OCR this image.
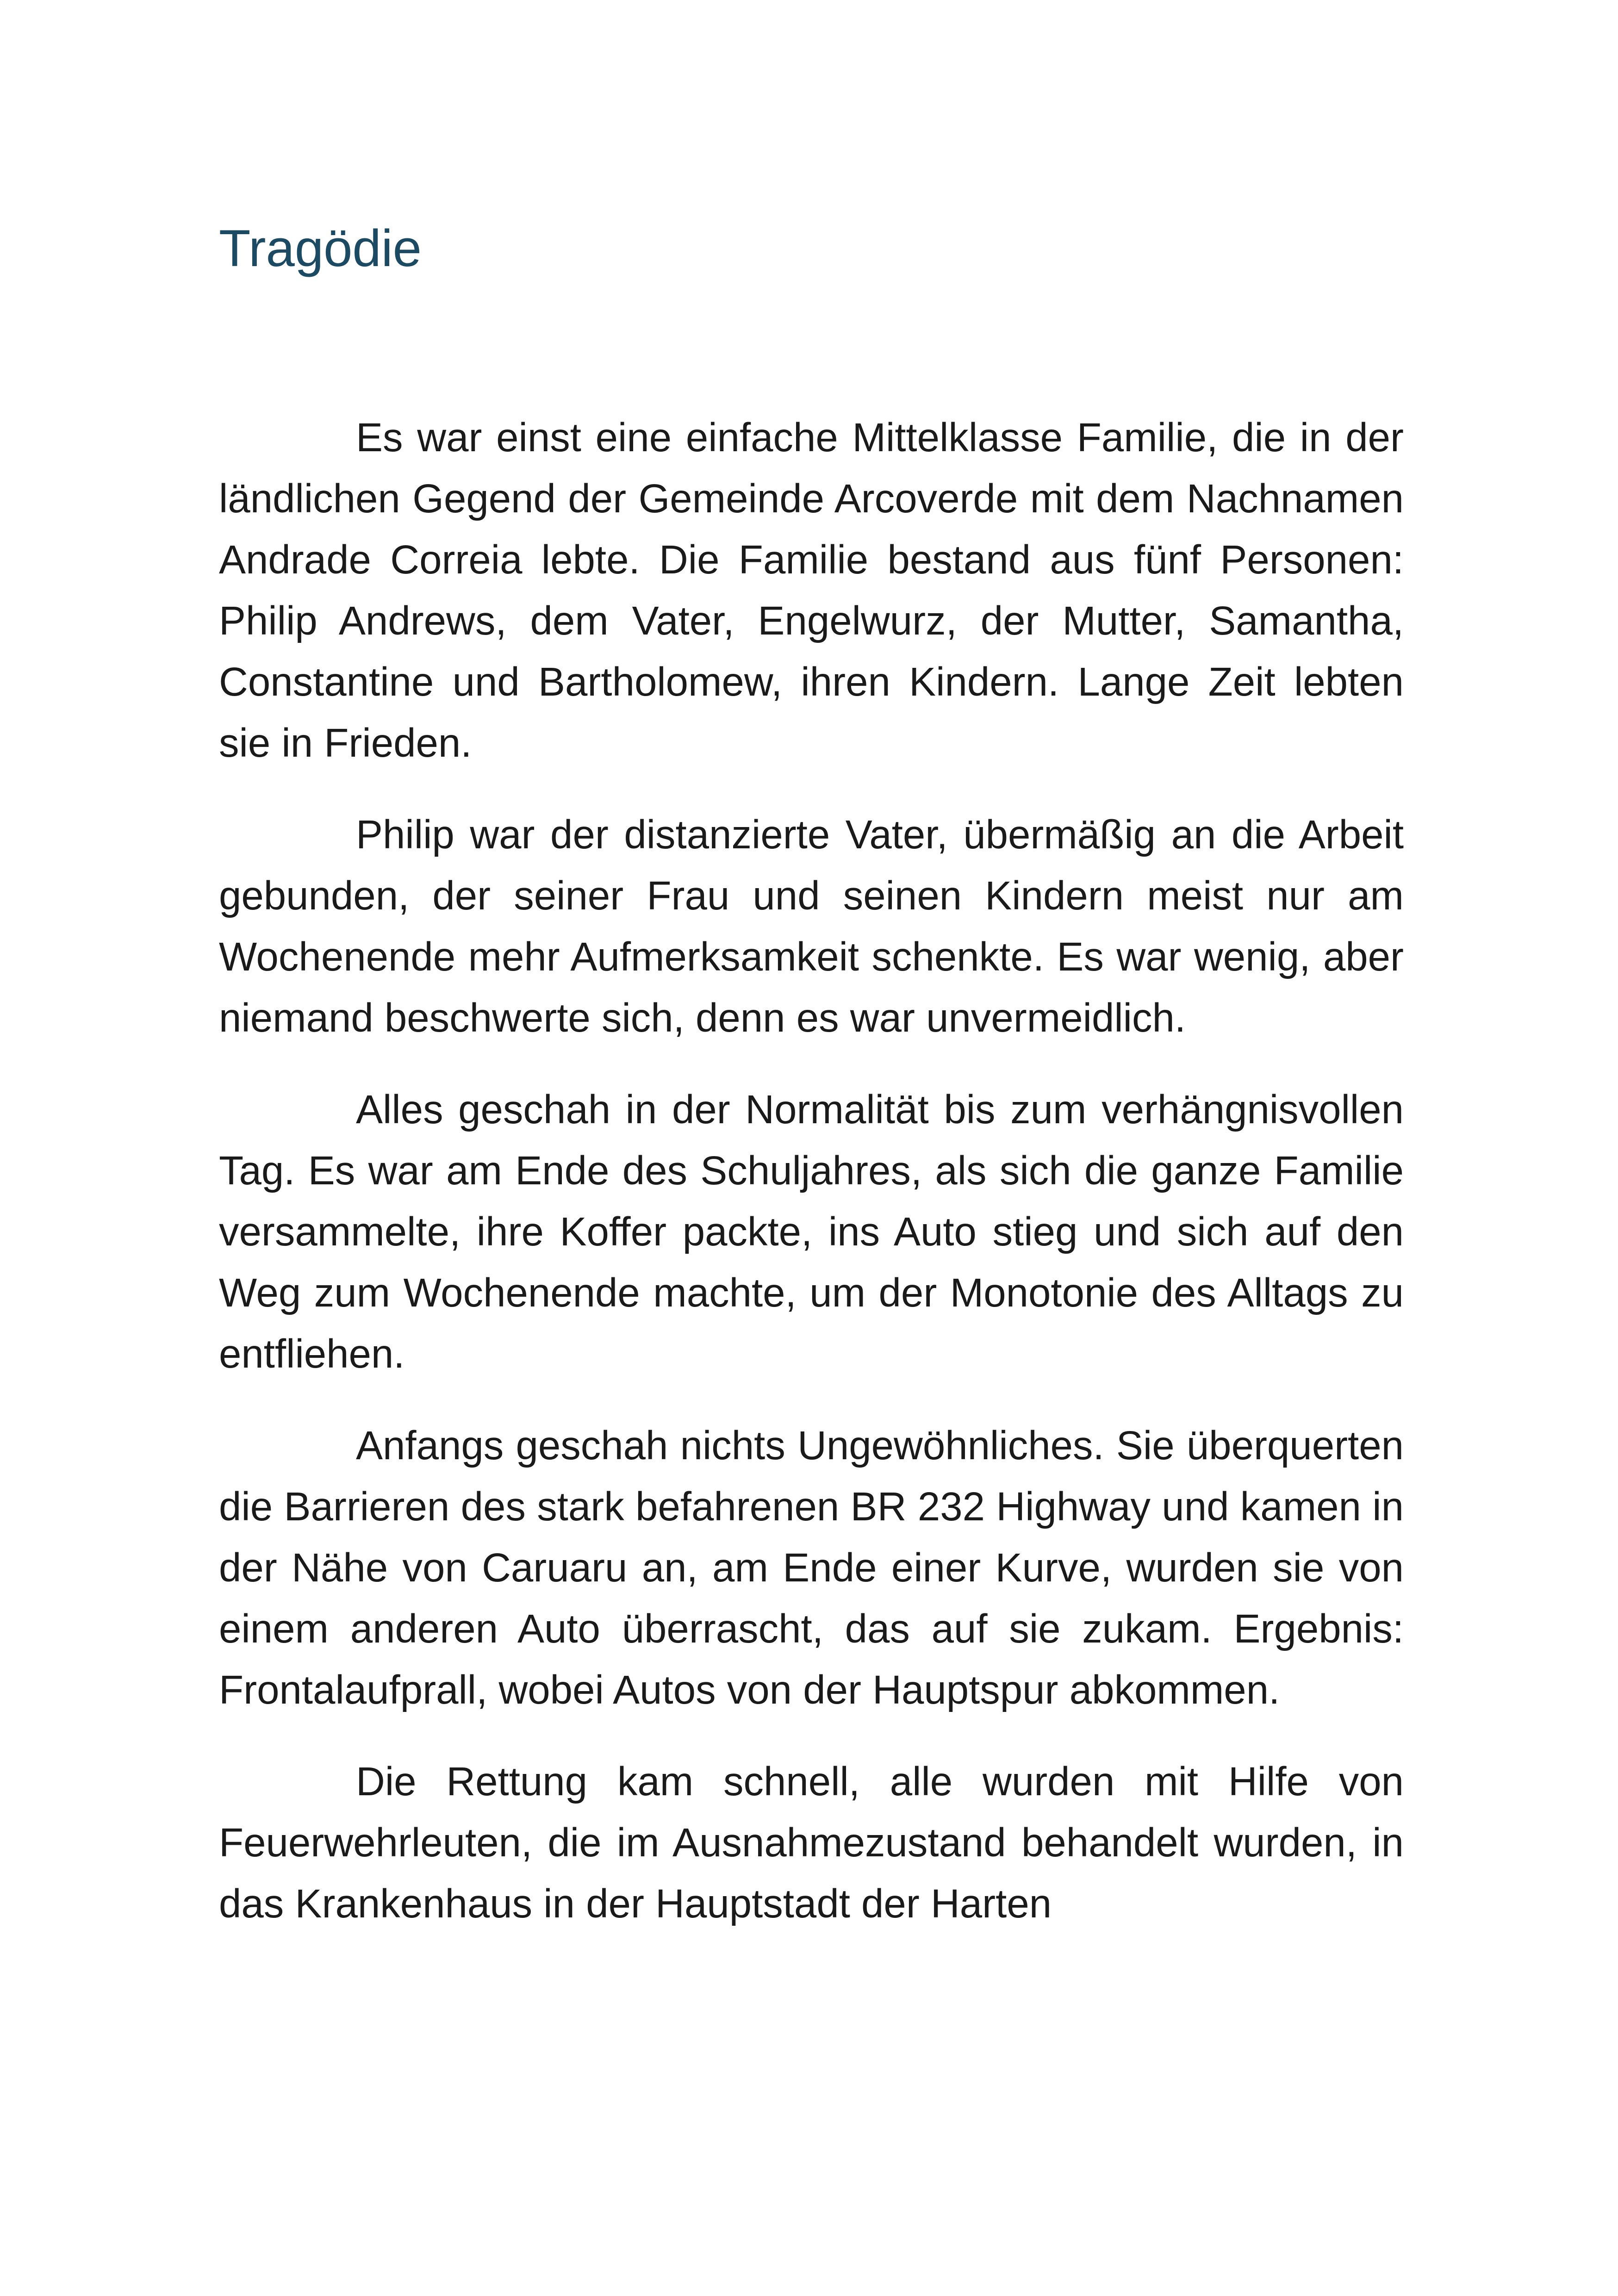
Tragödie

Es war einst eine einfache Mittelklasse Familie, die in der ländlichen Gegend der Gemeinde Arcoverde mit dem Nachnamen Andrade Correia lebte. Die Familie bestand aus fünf Personen: Philip Andrews, dem Vater, Engelwurz, der Mutter, Samantha, Constantine und Bartholomew, ihren Kindern. Lange Zeit lebten sie in Frieden.

Philip war der distanzierte Vater, übermäßig an die Arbeit gebunden, der seiner Frau und seinen Kindern meist nur am Wochenende mehr Aufmerksamkeit schenkte. Es war wenig, aber niemand beschwerte sich, denn es war unvermeidlich.

Alles geschah in der Normalität bis zum verhängnisvollen Tag. Es war am Ende des Schuljahres, als sich die ganze Familie versammelte, ihre Koffer packte, ins Auto stieg und sich auf den Weg zum Wochenende machte, um der Monotonie des Alltags zu entfliehen.

Anfangs geschah nichts Ungewöhnliches. Sie überquerten die Barrieren des stark befahrenen BR 232 Highway und kamen in der Nähe von Caruaru an, am Ende einer Kurve, wurden sie von einem anderen Auto überrascht, das auf sie zukam. Ergebnis: Frontalaufprall, wobei Autos von der Hauptspur abkommen.

Die Rettung kam schnell, alle wurden mit Hilfe von Feuerwehrleuten, die im Ausnahmezustand behandelt wurden, in das Krankenhaus in der Hauptstadt der Harten
